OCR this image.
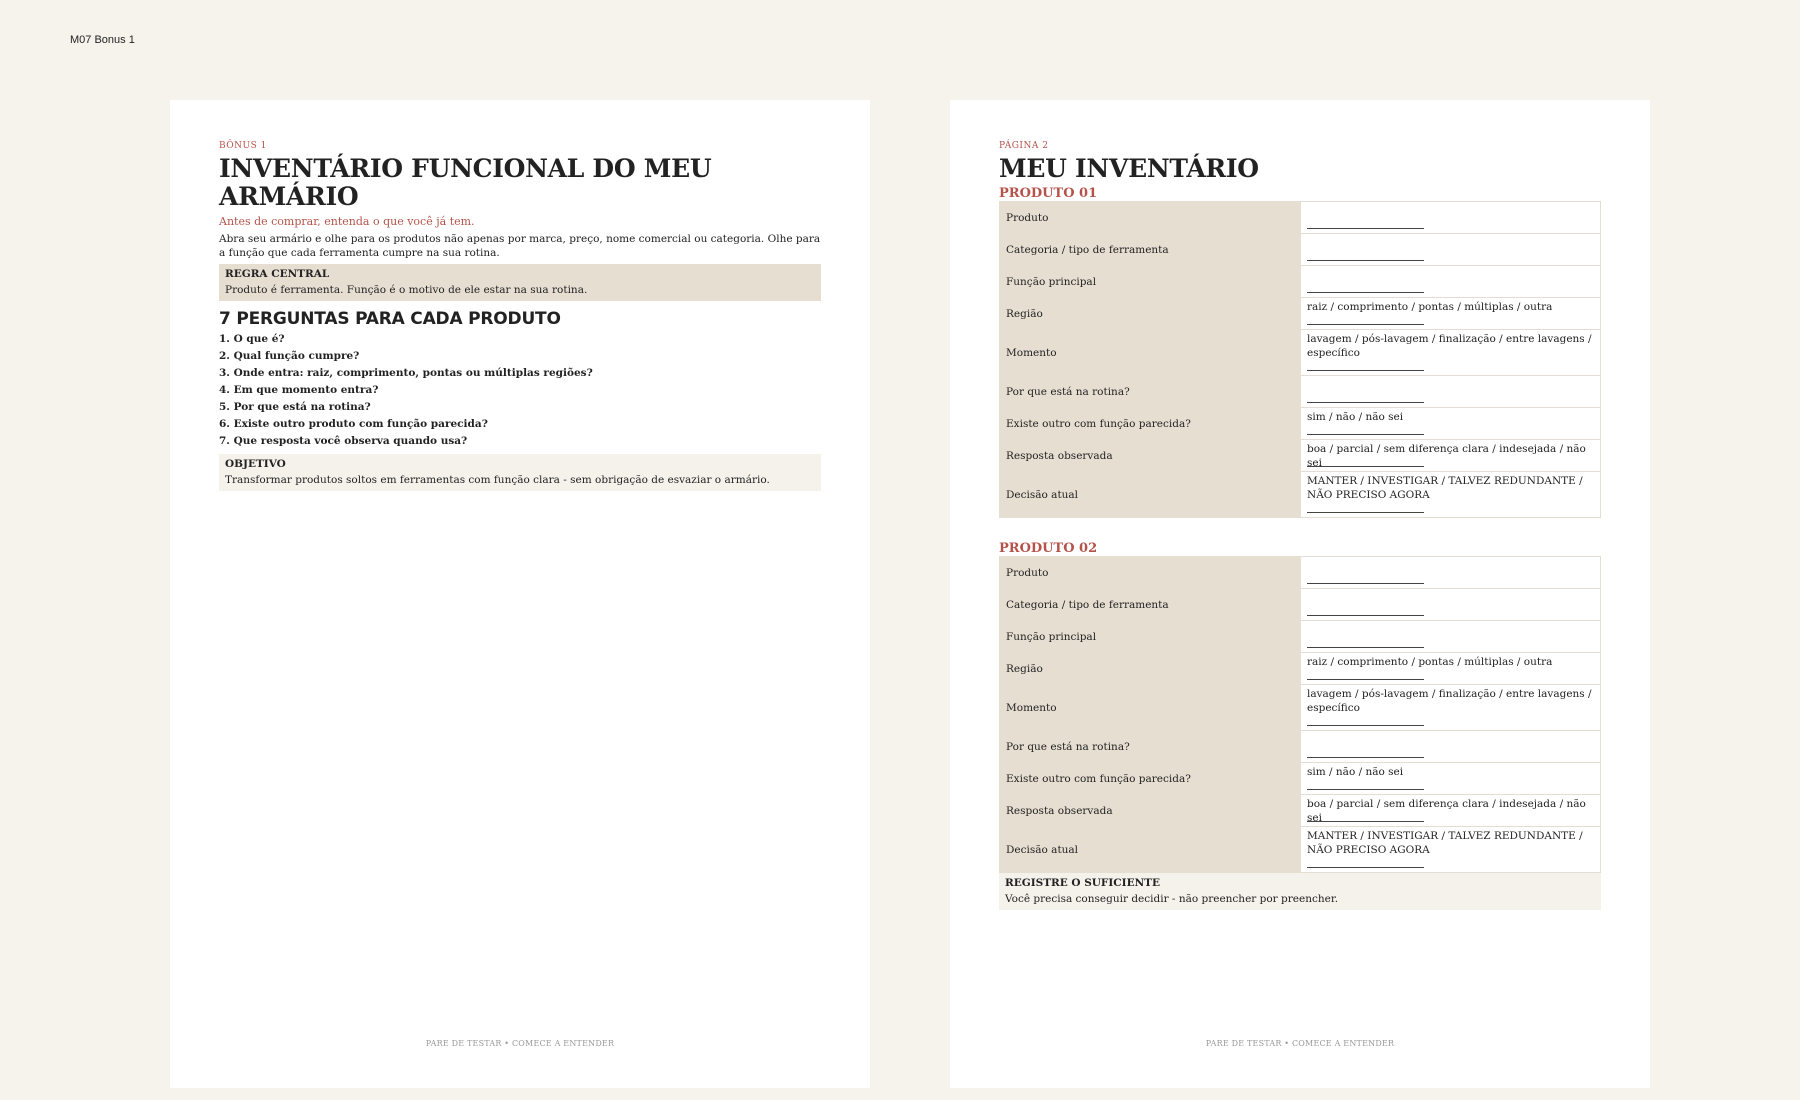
M07 Bonus 1
BÔNUS 1
INVENTÁRIO FUNCIONAL DO MEU ARMÁRIO
Antes de comprar, entenda o que você já tem.
Abra seu armário e olhe para os produtos não apenas por marca, preço, nome comercial ou categoria. Olhe para a função que cada ferramenta cumpre na sua rotina.
REGRA CENTRAL
Produto é ferramenta. Função é o motivo de ele estar na sua rotina.
7 PERGUNTAS PARA CADA PRODUTO
1. O que é?
2. Qual função cumpre?
3. Onde entra: raiz, comprimento, pontas ou múltiplas regiões?
4. Em que momento entra?
5. Por que está na rotina?
6. Existe outro produto com função parecida?
7. Que resposta você observa quando usa?
OBJETIVO
Transformar produtos soltos em ferramentas com função clara - sem obrigação de esvaziar o armário.
PARE DE TESTAR • COMECE A ENTENDER
PÁGINA 2
MEU INVENTÁRIO
PRODUTO 01
Produto	

Categoria / tipo de ferramenta	

Função principal	

Região	raiz / comprimento / pontas / múltiplas / outra

Momento	lavagem / pós-lavagem / finalização / entre lavagens / específico

Por que está na rotina?	

Existe outro com função parecida?	sim / não / não sei

Resposta observada	boa / parcial / sem diferença clara / indesejada / não sei

Decisão atual	MANTER / INVESTIGAR / TALVEZ REDUNDANTE / NÃO PRECISO AGORA
PRODUTO 02
Produto	

Categoria / tipo de ferramenta	

Função principal	

Região	raiz / comprimento / pontas / múltiplas / outra

Momento	lavagem / pós-lavagem / finalização / entre lavagens / específico

Por que está na rotina?	

Existe outro com função parecida?	sim / não / não sei

Resposta observada	boa / parcial / sem diferença clara / indesejada / não sei

Decisão atual	MANTER / INVESTIGAR / TALVEZ REDUNDANTE / NÃO PRECISO AGORA
REGISTRE O SUFICIENTE
Você precisa conseguir decidir - não preencher por preencher.
PARE DE TESTAR • COMECE A ENTENDER
